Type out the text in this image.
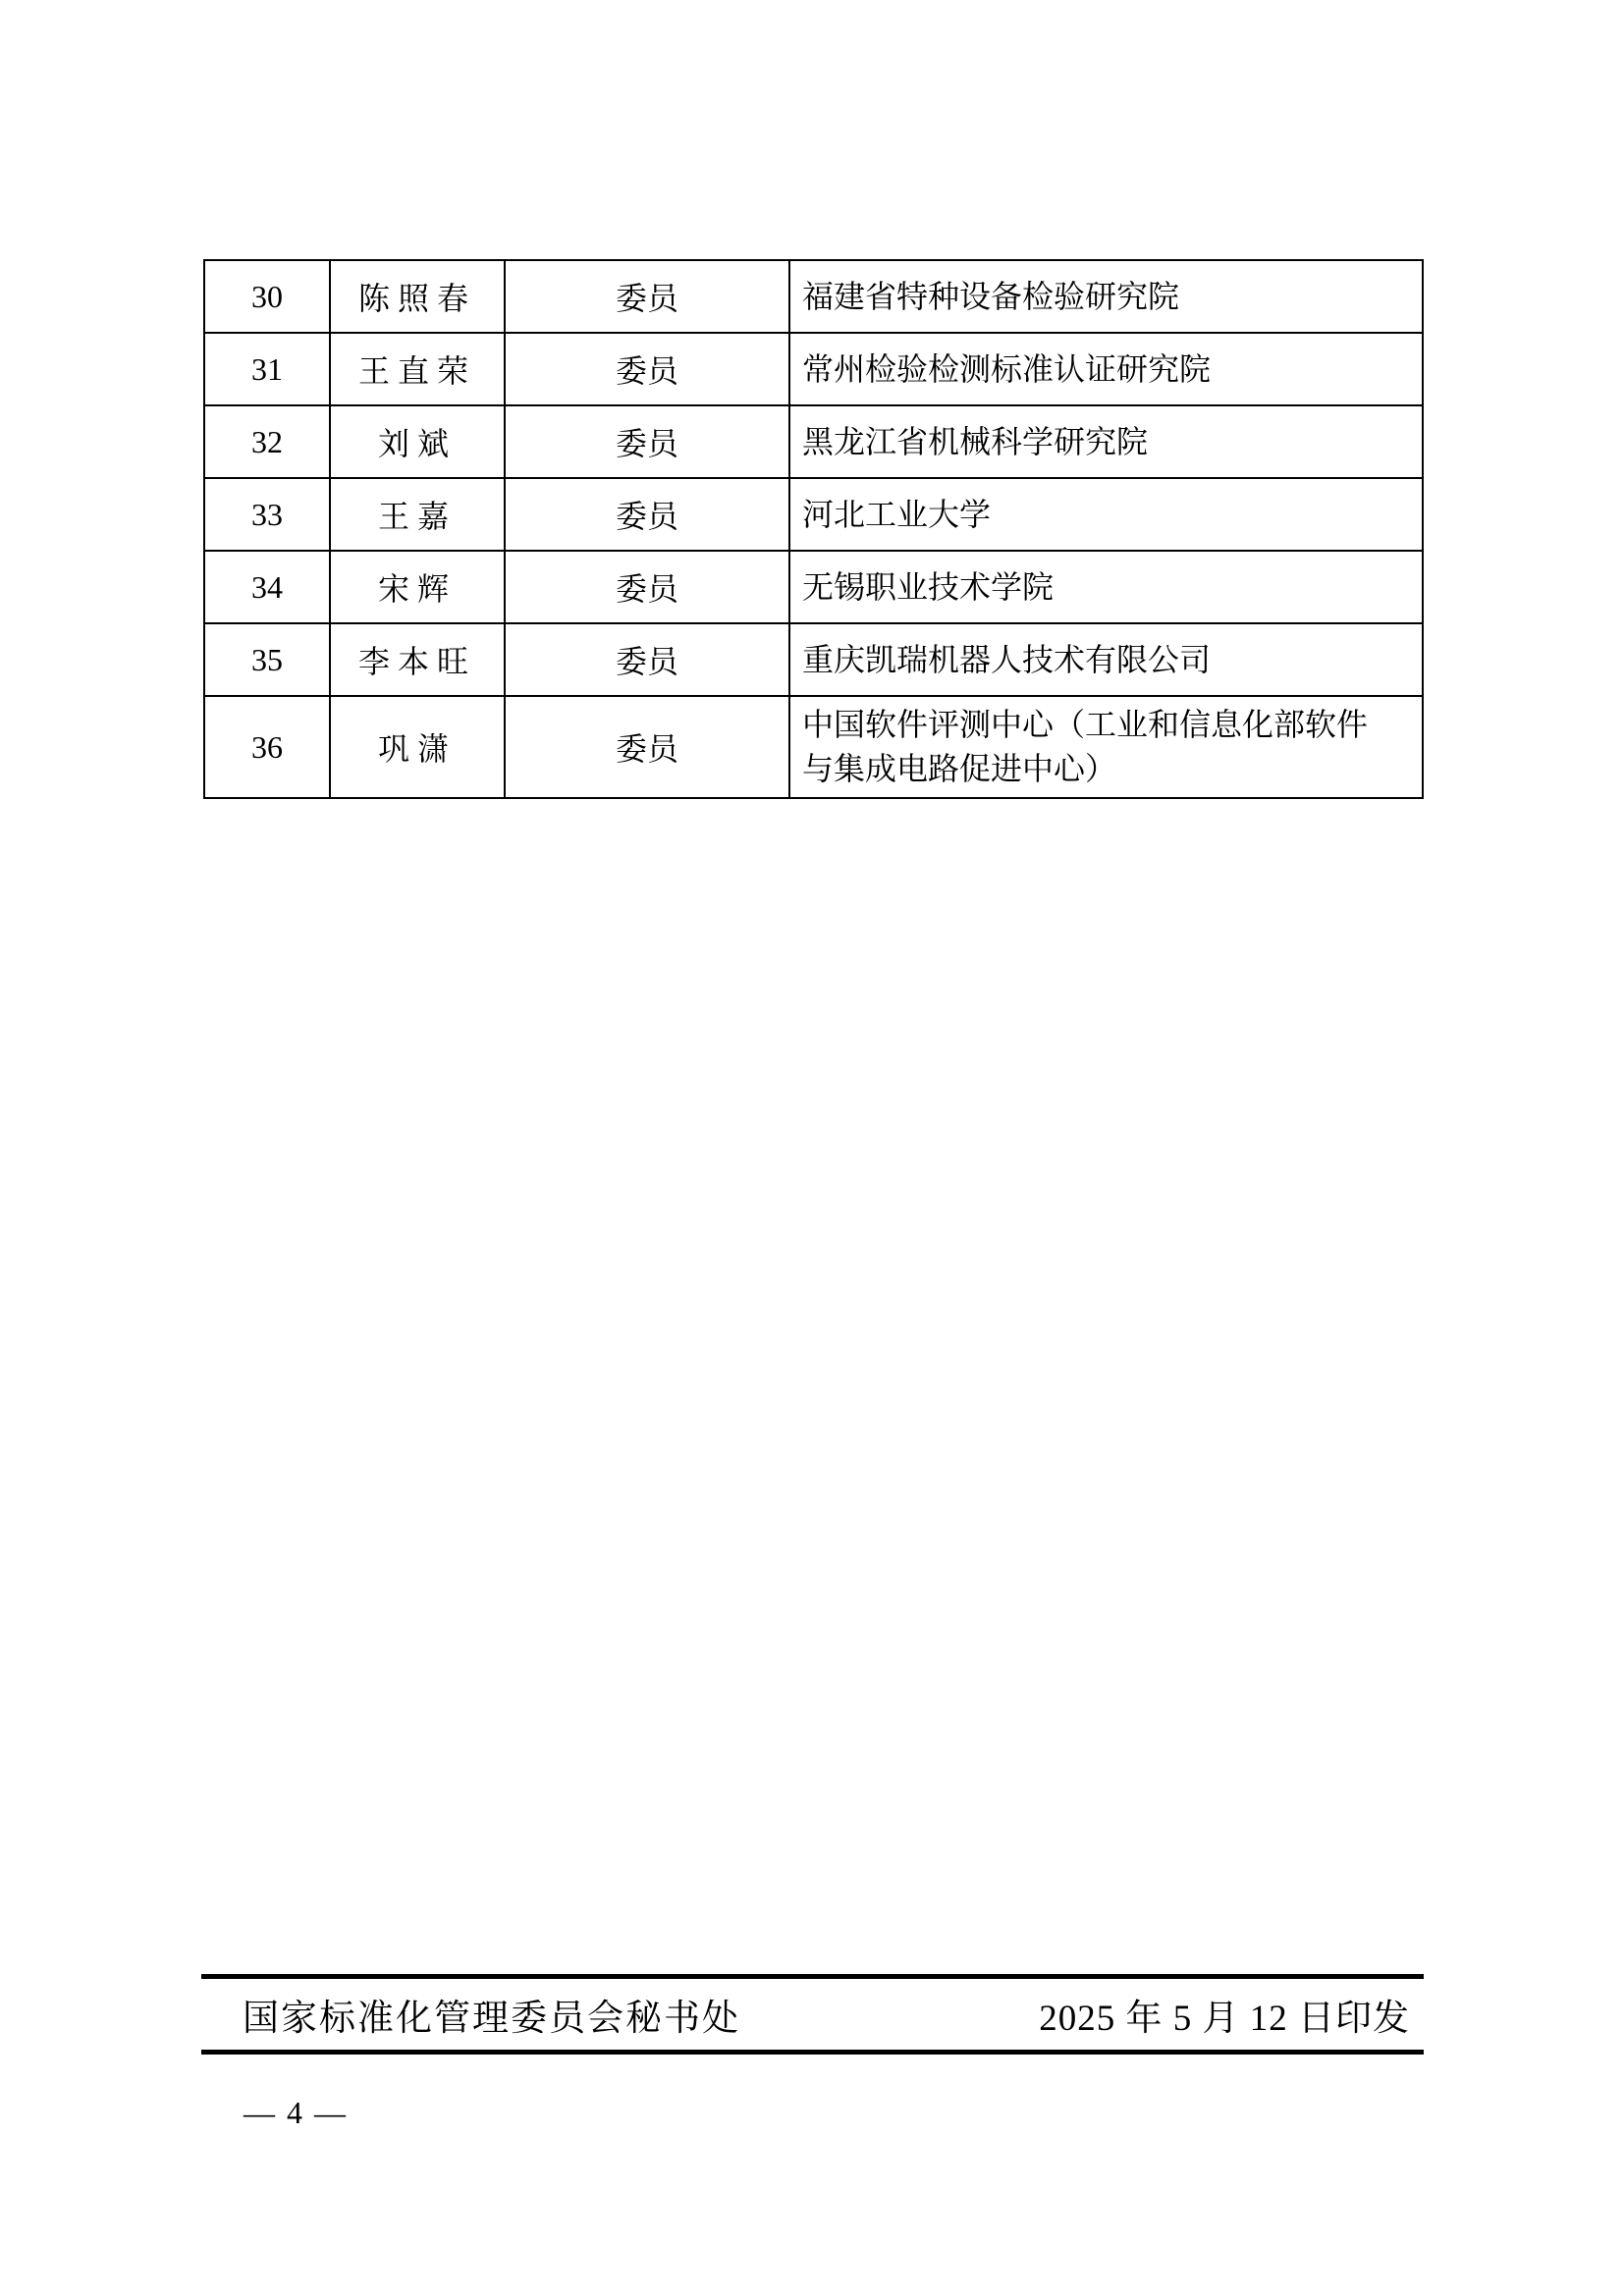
30	陈照春	委员	福建省特种设备检验研究院
31	王直荣	委员	常州检验检测标准认证研究院
32	刘斌	委员	黑龙江省机械科学研究院
33	王嘉	委员	河北工业大学
34	宋辉	委员	无锡职业技术学院
35	李本旺	委员	重庆凯瑞机器人技术有限公司
36	巩潇	委员	中国软件评测中心（工业和信息化部软件与集成电路促进中心）
国家标准化管理委员会秘书处	2025 年 5 月 12 日印发
— 4 —
